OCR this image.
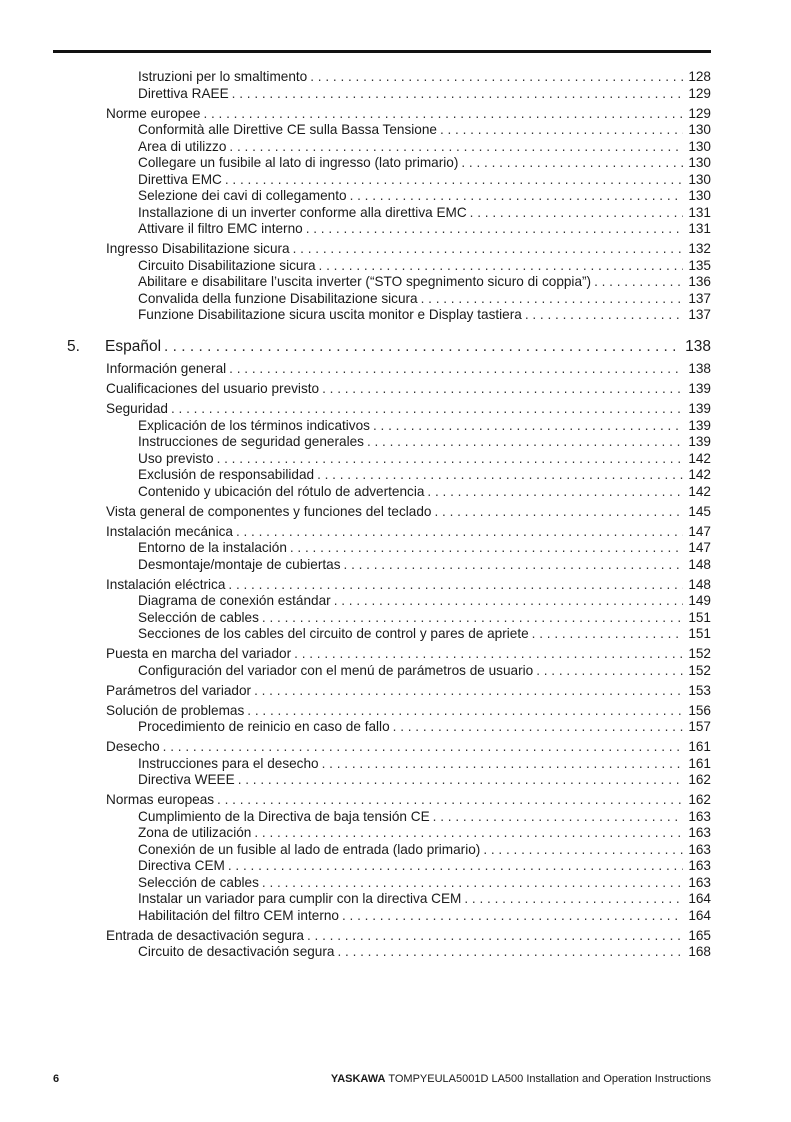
Istruzioni per lo smaltimento . . .	128
Direttiva RAEE . . .	129
Norme europee . . .	129
Conformità alle Direttive CE sulla Bassa Tensione . . .	130
Area di utilizzo . . .	130
Collegare un fusibile al lato di ingresso (lato primario) . . .	130
Direttiva EMC . . .	130
Selezione dei cavi di collegamento . . .	130
Installazione di un inverter conforme alla direttiva EMC . . .	131
Attivare il filtro EMC interno . . .	131
Ingresso Disabilitazione sicura . . .	132
Circuito Disabilitazione sicura . . .	135
Abilitare e disabilitare l’uscita inverter (“STO spegnimento sicuro di coppia”) . . .	136
Convalida della funzione Disabilitazione sicura . . .	137
Funzione Disabilitazione sicura uscita monitor e Display tastiera . . .	137
5.	Español . . .	138
Información general . . .	138
Cualificaciones del usuario previsto . . .	139
Seguridad . . .	139
Explicación de los términos indicativos . . .	139
Instrucciones de seguridad generales . . .	139
Uso previsto . . .	142
Exclusión de responsabilidad . . .	142
Contenido y ubicación del rótulo de advertencia . . .	142
Vista general de componentes y funciones del teclado . . .	145
Instalación mecánica . . .	147
Entorno de la instalación . . .	147
Desmontaje/montaje de cubiertas . . .	148
Instalación eléctrica . . .	148
Diagrama de conexión estándar . . .	149
Selección de cables . . .	151
Secciones de los cables del circuito de control y pares de apriete . . .	151
Puesta en marcha del variador . . .	152
Configuración del variador con el menú de parámetros de usuario . . .	152
Parámetros del variador . . .	153
Solución de problemas . . .	156
Procedimiento de reinicio en caso de fallo . . .	157
Desecho . . .	161
Instrucciones para el desecho . . .	161
Directiva WEEE . . .	162
Normas europeas . . .	162
Cumplimiento de la Directiva de baja tensión CE . . .	163
Zona de utilización . . .	163
Conexión de un fusible al lado de entrada (lado primario) . . .	163
Directiva CEM . . .	163
Selección de cables . . .	163
Instalar un variador para cumplir con la directiva CEM . . .	164
Habilitación del filtro CEM interno . . .	164
Entrada de desactivación segura . . .	165
Circuito de desactivación segura . . .	168
6	YASKAWA TOMPYEULA5001D LA500 Installation and Operation Instructions
